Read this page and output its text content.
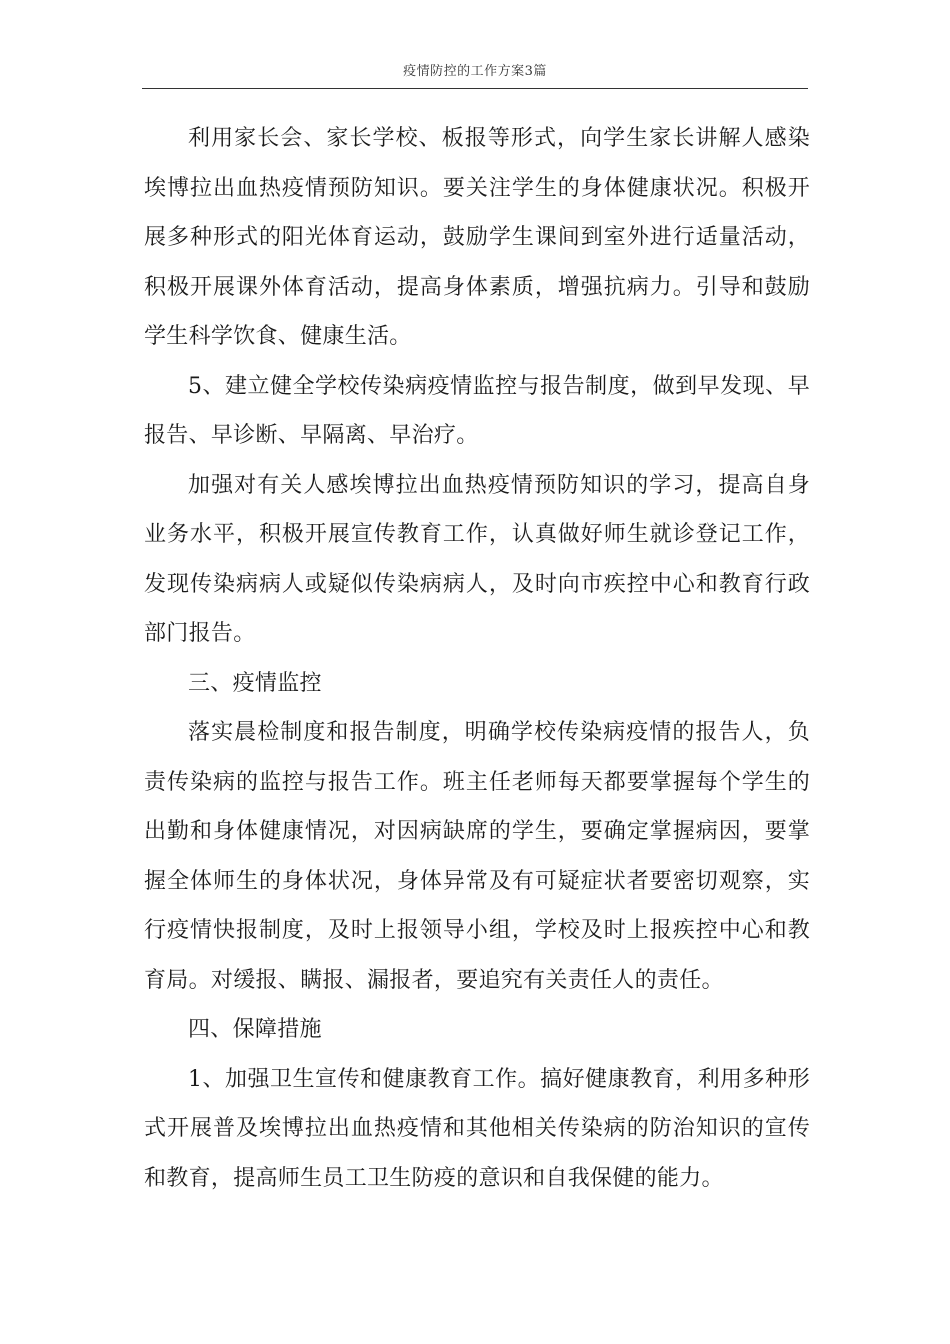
疫情防控的工作方案3篇

利用家长会、家长学校、板报等形式，向学生家长讲解人感染埃博拉出血热疫情预防知识。要关注学生的身体健康状况。积极开展多种形式的阳光体育运动，鼓励学生课间到室外进行适量活动，积极开展课外体育活动，提高身体素质，增强抗病力。引导和鼓励学生科学饮食、健康生活。

5、建立健全学校传染病疫情监控与报告制度，做到早发现、早报告、早诊断、早隔离、早治疗。

加强对有关人感埃博拉出血热疫情预防知识的学习，提高自身业务水平，积极开展宣传教育工作，认真做好师生就诊登记工作，发现传染病病人或疑似传染病病人，及时向市疾控中心和教育行政部门报告。

三、疫情监控

落实晨检制度和报告制度，明确学校传染病疫情的报告人，负责传染病的监控与报告工作。班主任老师每天都要掌握每个学生的出勤和身体健康情况，对因病缺席的学生，要确定掌握病因，要掌握全体师生的身体状况，身体异常及有可疑症状者要密切观察，实行疫情快报制度，及时上报领导小组，学校及时上报疾控中心和教育局。对缓报、瞒报、漏报者，要追究有关责任人的责任。

四、保障措施

1、加强卫生宣传和健康教育工作。搞好健康教育，利用多种形式开展普及埃博拉出血热疫情和其他相关传染病的防治知识的宣传和教育，提高师生员工卫生防疫的意识和自我保健的能力。
